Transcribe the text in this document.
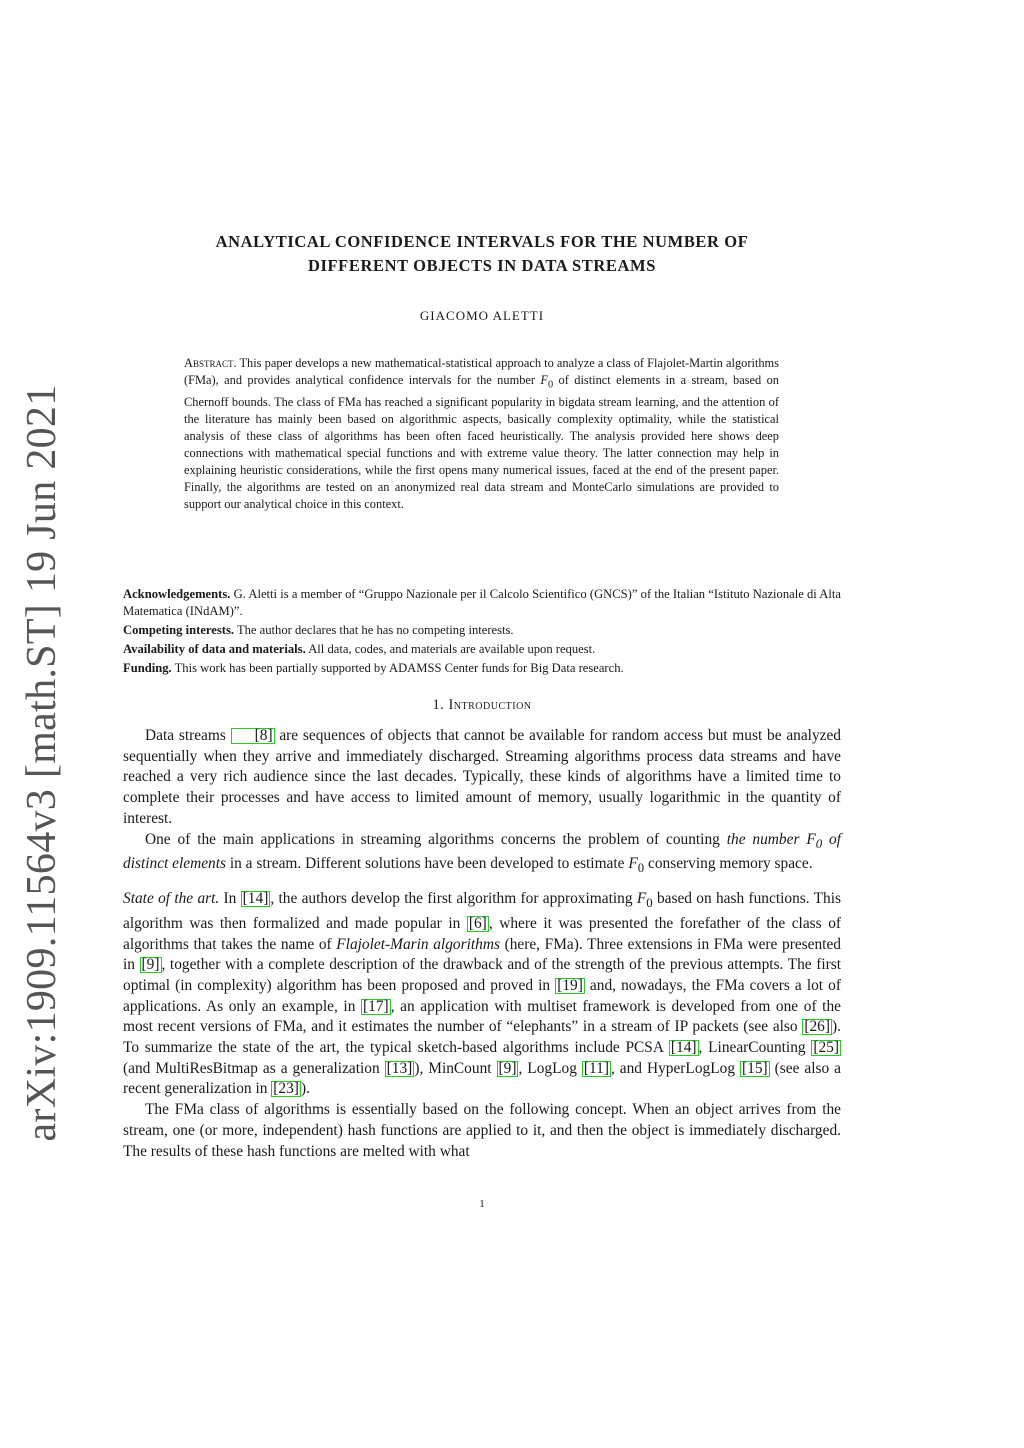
arXiv:1909.11564v3 [math.ST] 19 Jun 2021
ANALYTICAL CONFIDENCE INTERVALS FOR THE NUMBER OF
DIFFERENT OBJECTS IN DATA STREAMS
GIACOMO ALETTI
Abstract. This paper develops a new mathematical-statistical approach to analyze a class of Flajolet-Martin algorithms (FMa), and provides analytical confidence intervals for the number $F_0$ of distinct elements in a stream, based on Chernoff bounds. The class of FMa has reached a significant popularity in bigdata stream learning, and the attention of the literature has mainly been based on algorithmic aspects, basically complexity optimality, while the statistical analysis of these class of algorithms has been often faced heuristically. The analysis provided here shows deep connections with mathematical special functions and with extreme value theory. The latter connection may help in explaining heuristic considerations, while the first opens many numerical issues, faced at the end of the present paper. Finally, the algorithms are tested on an anonymized real data stream and MonteCarlo simulations are provided to support our analytical choice in this context.

Acknowledgements. G. Aletti is a member of “Gruppo Nazionale per il Calcolo Scientifico (GNCS)” of the Italian “Istituto Nazionale di Alta Matematica (INdAM)”.

Competing interests. The author declares that he has no competing interests.

Availability of data and materials. All data, codes, and materials are available upon request.

Funding. This work has been partially supported by ADAMSS Center funds for Big Data research.

1. Introduction

Data streams [8] are sequences of objects that cannot be available for random access but must be analyzed sequentially when they arrive and immediately discharged. Streaming algorithms process data streams and have reached a very rich audience since the last decades. Typically, these kinds of algorithms have a limited time to complete their processes and have access to limited amount of memory, usually logarithmic in the quantity of interest.

One of the main applications in streaming algorithms concerns the problem of counting the number $F_0$ of distinct elements in a stream. Different solutions have been developed to estimate $F_0$ conserving memory space.

State of the art. In [14] , the authors develop the first algorithm for approximating $F_0$ based on hash functions. This algorithm was then formalized and made popular in [6] , where it was presented the forefather of the class of algorithms that takes the name of Flajolet-Marin algorithms (here, FMa). Three extensions in FMa were presented in [9] , together with a complete description of the drawback and of the strength of the previous attempts. The first optimal (in complexity) algorithm has been proposed and proved in [19] and, nowadays, the FMa covers a lot of applications. As only an example, in [17] , an application with multiset framework is developed from one of the most recent versions of FMa, and it estimates the number of “elephants” in a stream of IP packets (see also [26] ). To summarize the state of the art, the typical sketch-based algorithms include PCSA [14] , LinearCounting [25] (and MultiResBitmap as a generalization [13] ), MinCount [9] , LogLog [11] , and HyperLogLog [15] (see also a recent generalization in [23] ).

The FMa class of algorithms is essentially based on the following concept. When an object arrives from the stream, one (or more, independent) hash functions are applied to it, and then the object is immediately discharged. The results of these hash functions are melted with what

1
